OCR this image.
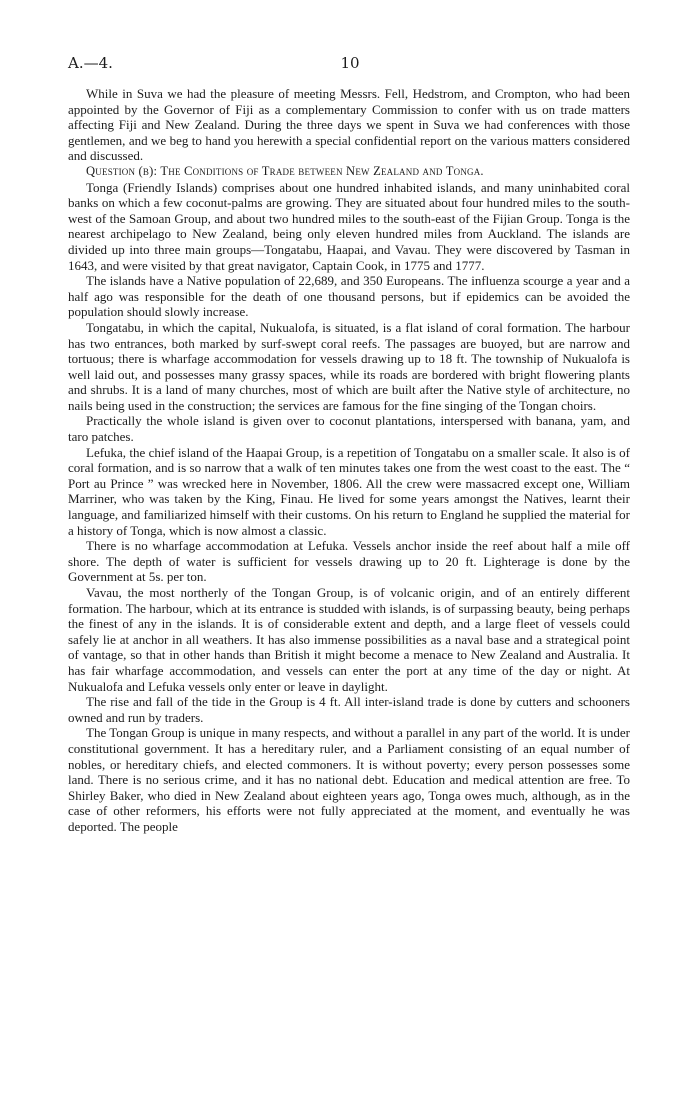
A.—4.	10

While in Suva we had the pleasure of meeting Messrs. Fell, Hedstrom, and Crompton, who had been appointed by the Governor of Fiji as a complementary Commission to confer with us on trade matters affecting Fiji and New Zealand. During the three days we spent in Suva we had conferences with those gentlemen, and we beg to hand you herewith a special confidential report on the various matters considered and discussed.

Question (b): The Conditions of Trade between New Zealand and Tonga.

Tonga (Friendly Islands) comprises about one hundred inhabited islands, and many uninhabited coral banks on which a few coconut-palms are growing. They are situated about four hundred miles to the south-west of the Samoan Group, and about two hundred miles to the south-east of the Fijian Group. Tonga is the nearest archipelago to New Zealand, being only eleven hundred miles from Auckland. The islands are divided up into three main groups—Tongatabu, Haapai, and Vavau. They were discovered by Tasman in 1643, and were visited by that great navigator, Captain Cook, in 1775 and 1777.

The islands have a Native population of 22,689, and 350 Europeans. The influenza scourge a year and a half ago was responsible for the death of one thousand persons, but if epidemics can be avoided the population should slowly increase.

Tongatabu, in which the capital, Nukualofa, is situated, is a flat island of coral formation. The harbour has two entrances, both marked by surf-swept coral reefs. The passages are buoyed, but are narrow and tortuous; there is wharfage accommodation for vessels drawing up to 18 ft. The township of Nukualofa is well laid out, and possesses many grassy spaces, while its roads are bordered with bright flowering plants and shrubs. It is a land of many churches, most of which are built after the Native style of architecture, no nails being used in the construction; the services are famous for the fine singing of the Tongan choirs.

Practically the whole island is given over to coconut plantations, interspersed with banana, yam, and taro patches.

Lefuka, the chief island of the Haapai Group, is a repetition of Tongatabu on a smaller scale. It also is of coral formation, and is so narrow that a walk of ten minutes takes one from the west coast to the east. The “ Port au Prince ” was wrecked here in November, 1806. All the crew were massacred except one, William Marriner, who was taken by the King, Finau. He lived for some years amongst the Natives, learnt their language, and familiarized himself with their customs. On his return to England he supplied the material for a history of Tonga, which is now almost a classic.

There is no wharfage accommodation at Lefuka. Vessels anchor inside the reef about half a mile off shore. The depth of water is sufficient for vessels drawing up to 20 ft. Lighterage is done by the Government at 5s. per ton.

Vavau, the most northerly of the Tongan Group, is of volcanic origin, and of an entirely different formation. The harbour, which at its entrance is studded with islands, is of surpassing beauty, being perhaps the finest of any in the islands. It is of considerable extent and depth, and a large fleet of vessels could safely lie at anchor in all weathers. It has also immense possibilities as a naval base and a strategical point of vantage, so that in other hands than British it might become a menace to New Zealand and Australia. It has fair wharfage accommodation, and vessels can enter the port at any time of the day or night. At Nukualofa and Lefuka vessels only enter or leave in daylight.

The rise and fall of the tide in the Group is 4 ft. All inter-island trade is done by cutters and schooners owned and run by traders.

The Tongan Group is unique in many respects, and without a parallel in any part of the world. It is under constitutional government. It has a hereditary ruler, and a Parliament consisting of an equal number of nobles, or hereditary chiefs, and elected commoners. It is without poverty; every person possesses some land. There is no serious crime, and it has no national debt. Education and medical attention are free. To Shirley Baker, who died in New Zealand about eighteen years ago, Tonga owes much, although, as in the case of other reformers, his efforts were not fully appreciated at the moment, and eventually he was deported. The people
